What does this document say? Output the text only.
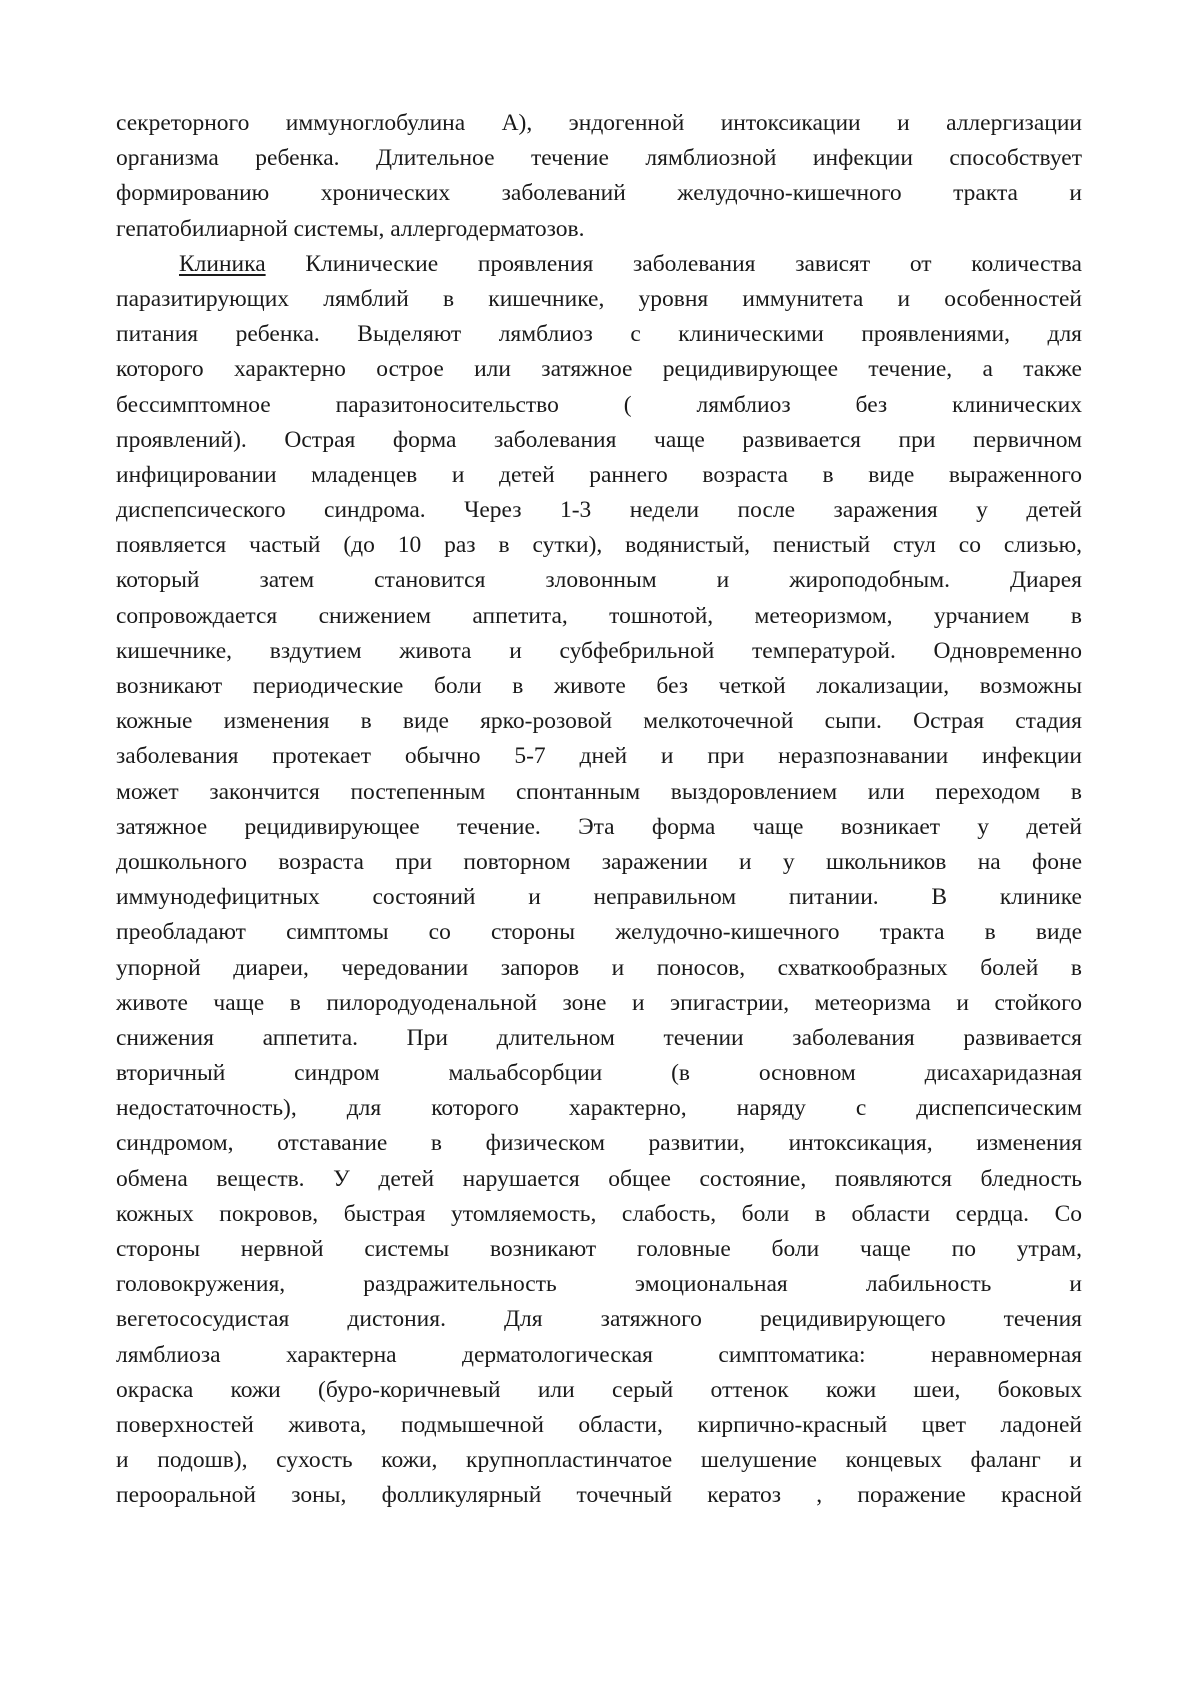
секреторного иммуноглобулина А), эндогенной интоксикации и аллергизации
организма ребенка. Длительное течение лямблиозной инфекции способствует
формированию хронических заболеваний желудочно-кишечного тракта и
гепатобилиарной системы, аллергодерматозов.
Клиника Клинические проявления заболевания зависят от количества
паразитирующих лямблий в кишечнике, уровня иммунитета и особенностей
питания ребенка. Выделяют лямблиоз с клиническими проявлениями, для
которого характерно острое или затяжное рецидивирующее течение, а также
бессимптомное паразитоносительство ( лямблиоз без клинических
проявлений). Острая форма заболевания чаще развивается при первичном
инфицировании младенцев и детей раннего возраста в виде выраженного
диспепсического синдрома. Через 1-3 недели после заражения у детей
появляется частый (до 10 раз в сутки), водянистый, пенистый стул со слизью,
который затем становится зловонным и жироподобным. Диарея
сопровождается снижением аппетита, тошнотой, метеоризмом, урчанием в
кишечнике, вздутием живота и субфебрильной температурой. Одновременно
возникают периодические боли в животе без четкой локализации, возможны
кожные изменения в виде ярко-розовой мелкоточечной сыпи. Острая стадия
заболевания протекает обычно 5-7 дней и при неразпознавании инфекции
может закончится постепенным спонтанным выздоровлением или переходом в
затяжное рецидивирующее течение. Эта форма чаще возникает у детей
дошкольного возраста при повторном заражении и у школьников на фоне
иммунодефицитных состояний и неправильном питании. В клинике
преобладают симптомы со стороны желудочно-кишечного тракта в виде
упорной диареи, чередовании запоров и поносов, схваткообразных болей в
животе чаще в пилородуоденальной зоне и эпигастрии, метеоризма и стойкого
снижения аппетита. При длительном течении заболевания развивается
вторичный синдром мальабсорбции (в основном дисахаридазная
недостаточность), для которого характерно, наряду с диспепсическим
синдромом, отставание в физическом развитии, интоксикация, изменения
обмена веществ. У детей нарушается общее состояние, появляются бледность
кожных покровов, быстрая утомляемость, слабость, боли в области сердца. Со
стороны нервной системы возникают головные боли чаще по утрам,
головокружения, раздражительность эмоциональная лабильность и
вегетососудистая дистония. Для затяжного рецидивирующего течения
лямблиоза характерна дерматологическая симптоматика: неравномерная
окраска кожи (буро-коричневый или серый оттенок кожи шеи, боковых
поверхностей живота, подмышечной области, кирпично-красный цвет ладоней
и подошв), сухость кожи, крупнопластинчатое шелушение концевых фаланг и
перооральной зоны, фолликулярный точечный кератоз , поражение красной
